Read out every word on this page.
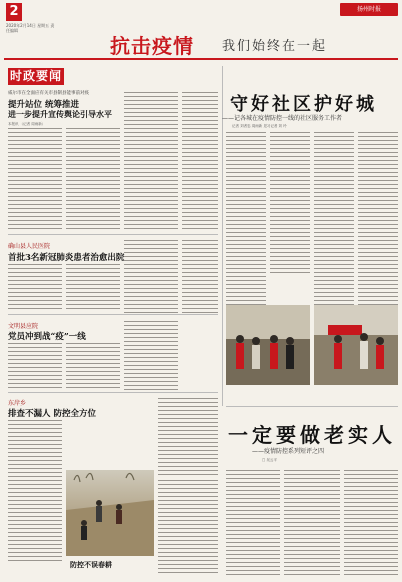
2
2020年2月14日 星期五 责任编辑
抗击疫情 我们始终在一起
扬州时报
时政要闻
威尔市在全面应有关市县制县能事前对疫
提升站位 统筹推进
进一步提升宣传舆论引导水平
本报讯 （记者 周雨新）
确山县人民医院
首批3名新冠肺炎患者治愈出院
文明县应院
党员冲到战“疫”一线
东岸乡
排查不漏人 防控全方位
防控不误春耕
守好社区护好城
——记各城在疫情防控一线的社区服务工作者
记者 刘者忠 周雨新 见习记者 刘 玲
一定要做老实人
——疫情防控系列短评之四
□ 吴云平
